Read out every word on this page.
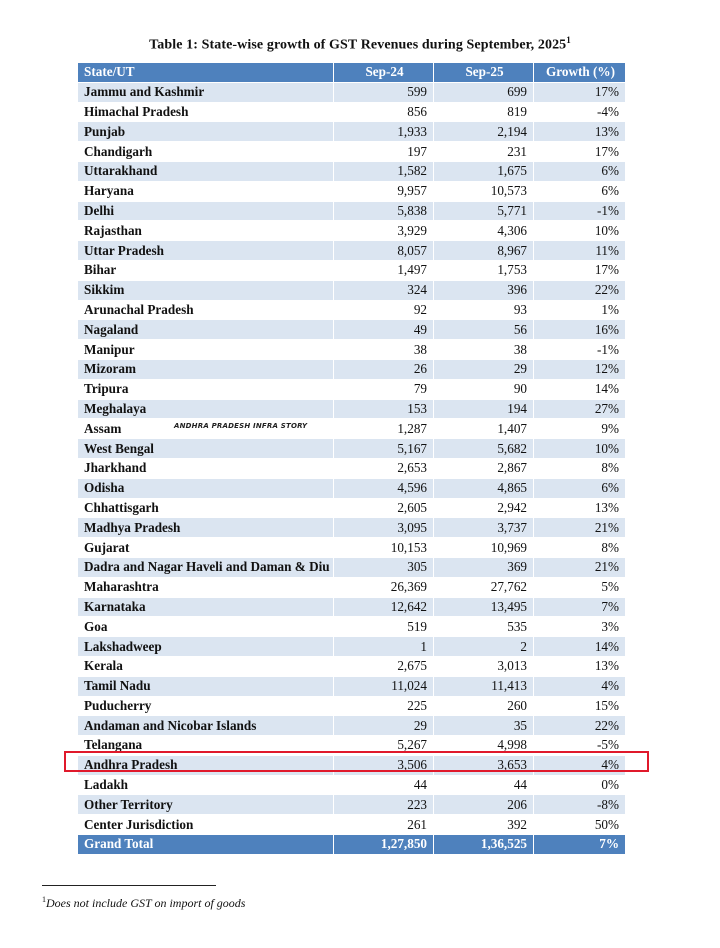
Table 1: State-wise growth of GST Revenues during September, 2025$^1$
State/UT	Sep-24	Sep-25	Growth (%)
Jammu and Kashmir	599	699	17%
Himachal Pradesh	856	819	-4%
Punjab	1,933	2,194	13%
Chandigarh	197	231	17%
Uttarakhand	1,582	1,675	6%
Haryana	9,957	10,573	6%
Delhi	5,838	5,771	-1%
Rajasthan	3,929	4,306	10%
Uttar Pradesh	8,057	8,967	11%
Bihar	1,497	1,753	17%
Sikkim	324	396	22%
Arunachal Pradesh	92	93	1%
Nagaland	49	56	16%
Manipur	38	38	-1%
Mizoram	26	29	12%
Tripura	79	90	14%
Meghalaya	153	194	27%
Assam	1,287	1,407	9%
West Bengal	5,167	5,682	10%
Jharkhand	2,653	2,867	8%
Odisha	4,596	4,865	6%
Chhattisgarh	2,605	2,942	13%
Madhya Pradesh	3,095	3,737	21%
Gujarat	10,153	10,969	8%
Dadra and Nagar Haveli and Daman & Diu	305	369	21%
Maharashtra	26,369	27,762	5%
Karnataka	12,642	13,495	7%
Goa	519	535	3%
Lakshadweep	1	2	14%
Kerala	2,675	3,013	13%
Tamil Nadu	11,024	11,413	4%
Puducherry	225	260	15%
Andaman and Nicobar Islands	29	35	22%
Telangana	5,267	4,998	-5%
Andhra Pradesh	3,506	3,653	4%
Ladakh	44	44	0%
Other Territory	223	206	-8%
Center Jurisdiction	261	392	50%
Grand Total	1,27,850	1,36,525	7%
ANDHRA PRADESH INFRA STORY
$^1$Does not include GST on import of goods
